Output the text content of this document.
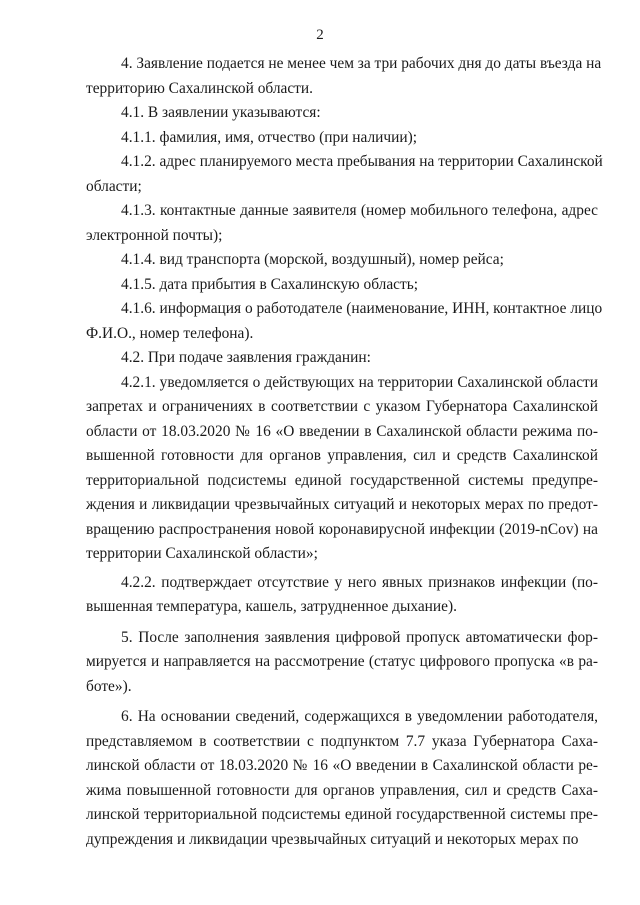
2
4. Заявление подается не менее чем за три рабочих дня до даты въезда на
территорию Сахалинской области.
4.1. В заявлении указываются:
4.1.1. фамилия, имя, отчество (при наличии);
4.1.2. адрес планируемого места пребывания на территории Сахалинской
области;
4.1.3. контактные данные заявителя (номер мобильного телефона, адрес
электронной почты);
4.1.4. вид транспорта (морской, воздушный), номер рейса;
4.1.5. дата прибытия в Сахалинскую область;
4.1.6. информация о работодателе (наименование, ИНН, контактное лицо
Ф.И.О., номер телефона).
4.2. При подаче заявления гражданин:
4.2.1. уведомляется о действующих на территории Сахалинской области
запретах и ограничениях в соответствии с указом Губернатора Сахалинской
области от 18.03.2020 № 16 «О введении в Сахалинской области режима по-
вышенной готовности для органов управления, сил и средств Сахалинской
территориальной подсистемы единой государственной системы предупре-
ждения и ликвидации чрезвычайных ситуаций и некоторых мерах по предот-
вращению распространения новой коронавирусной инфекции (2019-nCov) на
территории Сахалинской области»;
4.2.2. подтверждает отсутствие у него явных признаков инфекции (по-
вышенная температура, кашель, затрудненное дыхание).
5. После заполнения заявления цифровой пропуск автоматически фор-
мируется и направляется на рассмотрение (статус цифрового пропуска «в ра-
боте»).
6. На основании сведений, содержащихся в уведомлении работодателя,
представляемом в соответствии с подпунктом 7.7 указа Губернатора Саха-
линской области от 18.03.2020 № 16 «О введении в Сахалинской области ре-
жима повышенной готовности для органов управления, сил и средств Саха-
линской территориальной подсистемы единой государственной системы пре-
дупреждения и ликвидации чрезвычайных ситуаций и некоторых мерах по
